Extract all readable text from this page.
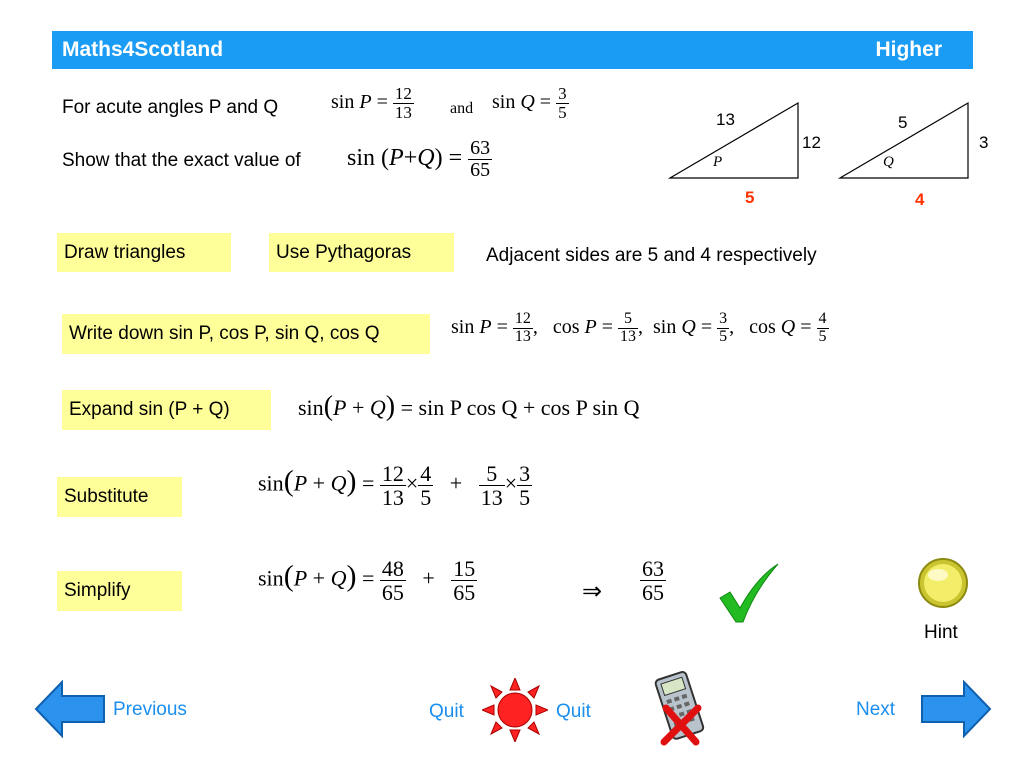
Maths4Scotland	Higher
For acute angles P and Q	$\sin P = \frac{12}{13}$ and $\sin Q = \frac{3}{5}$
Show that the exact value of $\sin (P+Q) = \frac{63}{65}$
13
12
P
5
5
3
Q
4
Draw triangles	Use Pythagoras	Adjacent sides are 5 and 4 respectively
Write down sin P, cos P, sin Q, cos Q	$\sin P = \frac{12}{13}$ ,   $\cos P = \frac{5}{13}$ ,  $\sin Q = \frac{3}{5}$ ,   $\cos Q = \frac{4}{5}$
Expand sin (P + Q)	sin(P + Q) = sin P cos Q + cos P sin Q
Substitute
$\sin(P + Q) = \frac{12}{13} \times \frac{4}{5} + \frac{5}{13} \times \frac{3}{5}$
Simplify	$\sin(P + Q) = \frac{48}{65} + \frac{15}{65}$	⇒ $\frac{63}{65}$
Hint
Previous	Quit	Quit	Next
